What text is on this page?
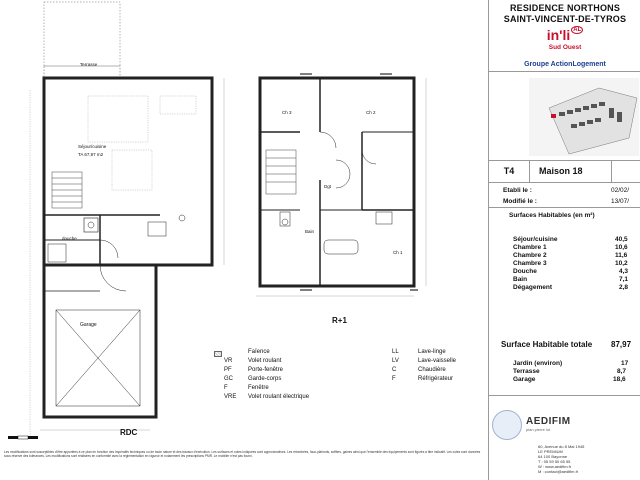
Terrasse
Séjour/cuisine
TA 67,97 m2
douche
Garage
Ch 3	Ch 2
Ch 1
Dgt
Bain
RDC
R+1
Faïence
VR	Volet roulant
PF	Porte-fenêtre
GC	Garde-corps
F	Fenêtre
VRE Volet roulant électrique
LL	Lave-linge
LV	Lave-vaisselle
C	Chaudière
F	Réfrigérateur
Les modifications sont susceptibles d'être apportées à ce plan en fonction des impératifs techniques ou de toute nature et des travaux d'exécution. Les surfaces et cotes indiquées sont approximatives. Les retombées, faux-plafonds, soffites, gaines ainsi que l'ensemble des équipements sont figurés à titre indicatif. Les cotes sont données sous réserve des tolérances. Les modifications sont réalisées en conformité avec la réglementation en vigueur et notamment les prescriptions PMR. Le mobilier n'est pas fourni.
RESIDENCE NORTHONS
SAINT-VINCENT-DE-TYROS
in'li $^{AL}$
Sud Ouest
Groupe ActionLogement
T4	Maison 18
Etabli le :	02/02/
Modifié le :	13/07/
Surfaces Habitables (en m²)
Séjour/cuisine	40,5
Chambre 1	10,6
Chambre 2	11,6
Chambre 3	10,2
Douche	4,3
Bain	7,1
Dégagement	2,8
Surface Habitable totale 87,97
Jardin (environ)	17
Terrasse	8,7
Garage	18,6
AEDIFIM
plan pierre lot
60, Avenue du 8 Mai 1945
LE PREMIUM
64 100 Bayonne
T : 05 59 50 65 55
W : www.aedifim.fr
M : contact@aedifim.fr
